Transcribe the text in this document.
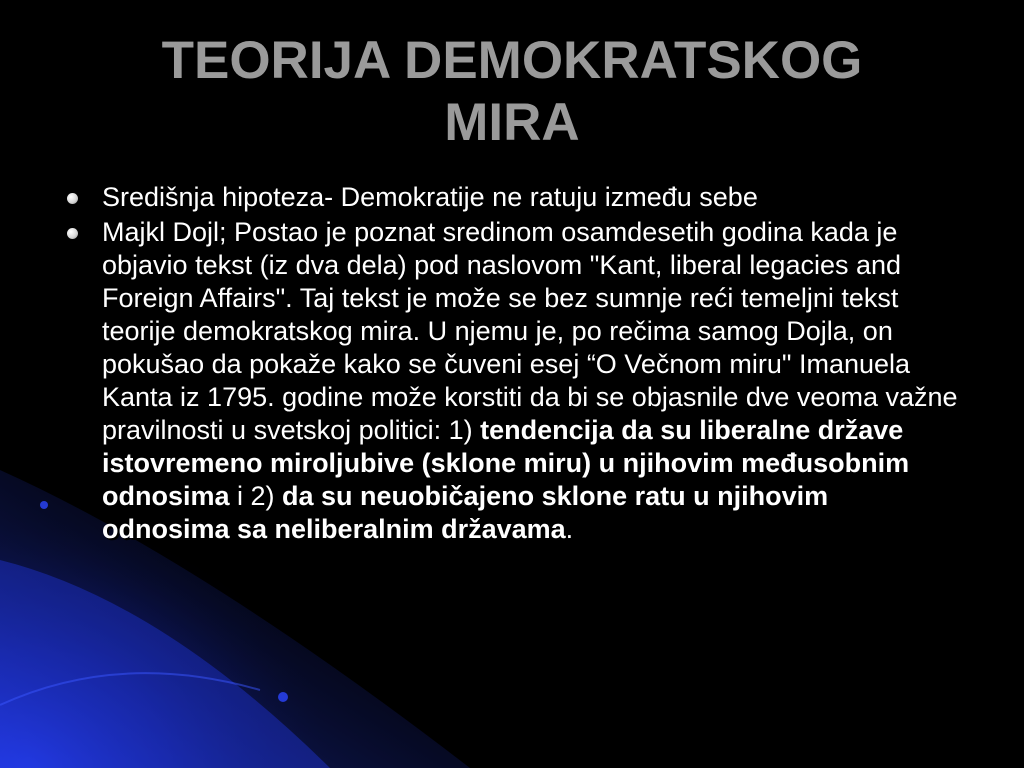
TEORIJA DEMOKRATSKOG
MIRA
Središnja hipoteza- Demokratije ne ratuju između sebe
Majkl Dojl; Postao je poznat sredinom osamdesetih godina kada je objavio tekst (iz dva dela) pod naslovom "Kant, liberal legacies and Foreign Affairs". Taj tekst je može se bez sumnje reći temeljni tekst teorije demokratskog mira. U njemu je, po rečima samog Dojla, on pokušao da pokaže kako se čuveni esej “O Večnom miru" Imanuela Kanta iz 1795. godine može korstiti da bi se objasnile dve veoma važne pravilnosti u svetskoj politici: 1) tendencija da su liberalne države istovremeno miroljubive (sklone miru) u njihovim međusobnim odnosima i 2) da su neuobičajeno sklone ratu u njihovim odnosima sa neliberalnim državama.
